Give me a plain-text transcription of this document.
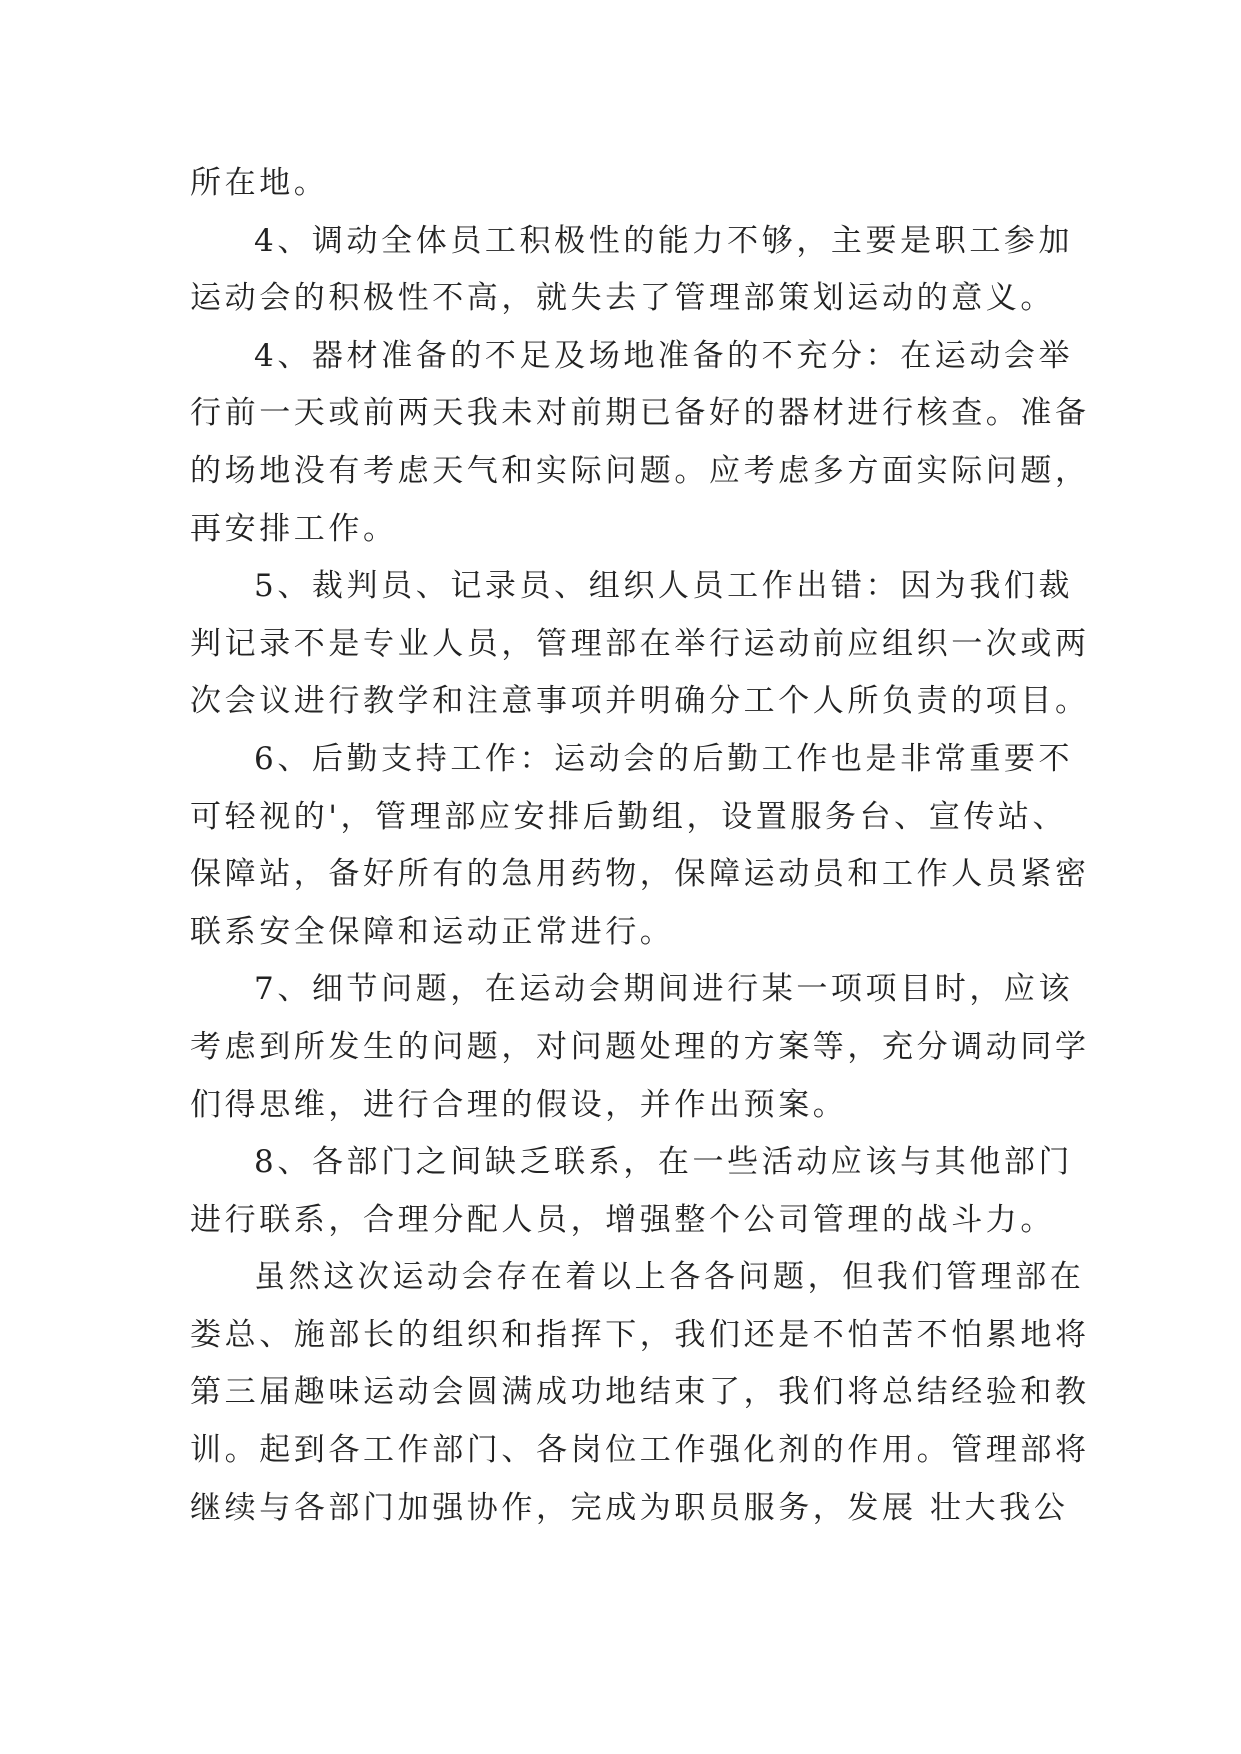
所在地。
4、调动全体员工积极性的能力不够，主要是职工参加
运动会的积极性不高，就失去了管理部策划运动的意义。
4、器材准备的不足及场地准备的不充分：在运动会举
行前一天或前两天我未对前期已备好的器材进行核查。准备
的场地没有考虑天气和实际问题。应考虑多方面实际问题，
再安排工作。
5、裁判员、记录员、组织人员工作出错：因为我们裁
判记录不是专业人员，管理部在举行运动前应组织一次或两
次会议进行教学和注意事项并明确分工个人所负责的项目。
6、后勤支持工作：运动会的后勤工作也是非常重要不
可轻视的'，管理部应安排后勤组，设置服务台、宣传站、
保障站，备好所有的急用药物，保障运动员和工作人员紧密
联系安全保障和运动正常进行。
7、细节问题，在运动会期间进行某一项项目时，应该
考虑到所发生的问题，对问题处理的方案等，充分调动同学
们得思维，进行合理的假设，并作出预案。
8、各部门之间缺乏联系，在一些活动应该与其他部门
进行联系，合理分配人员，增强整个公司管理的战斗力。
虽然这次运动会存在着以上各各问题，但我们管理部在
娄总、施部长的组织和指挥下，我们还是不怕苦不怕累地将
第三届趣味运动会圆满成功地结束了，我们将总结经验和教
训。起到各工作部门、各岗位工作强化剂的作用。管理部将
继续与各部门加强协作，完成为职员服务，发展 壮大我公
